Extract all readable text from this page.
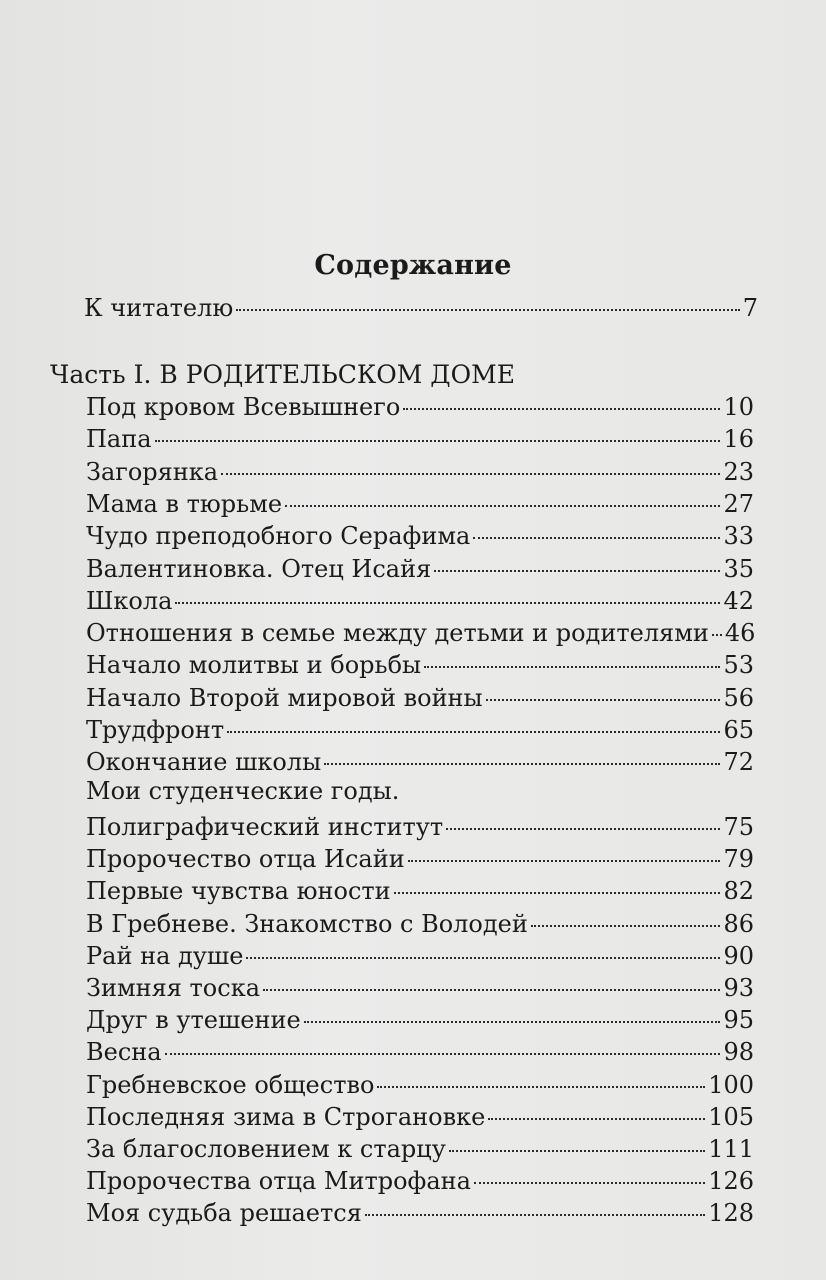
Содержание
К читателю	7
Часть I. В РОДИТЕЛЬСКОМ ДОМЕ
Под кровом Всевышнего	10
Папа	16
Загорянка	23
Мама в тюрьме	27
Чудо преподобного Серафима	33
Валентиновка. Отец Исайя	35
Школа	42
Отношения в семье между детьми и родителями 46
Начало молитвы и борьбы	53
Начало Второй мировой войны	56
Трудфронт	65
Окончание школы	72
Мои студенческие годы.
Полиграфический институт	75
Пророчество отца Исайи	79
Первые чувства юности	82
В Гребневе. Знакомство с Володей	86
Рай на душе	90
Зимняя тоска	93
Друг в утешение	95
Весна	98
Гребневское общество	100
Последняя зима в Строгановке	105
За благословением к старцу	111
Пророчества отца Митрофана	126
Моя судьба решается	128
